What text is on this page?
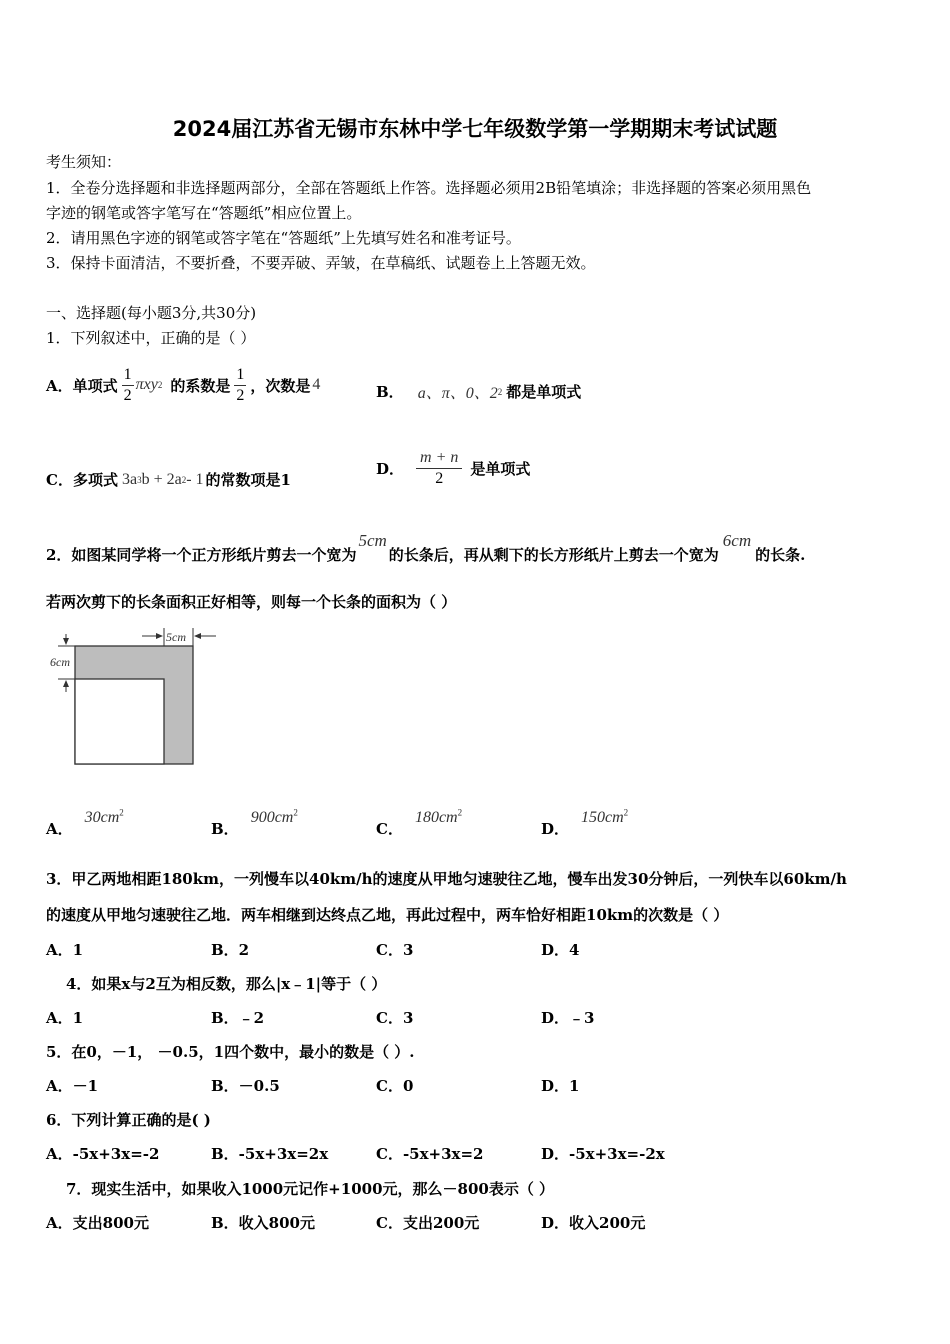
2024届江苏省无锡市东林中学七年级数学第一学期期末考试试题
考生须知：
1．全卷分选择题和非选择题两部分，全部在答题纸上作答。选择题必须用2B铅笔填涂；非选择题的答案必须用黑色
字迹的钢笔或答字笔写在“答题纸”相应位置上。
2．请用黑色字迹的钢笔或答字笔在“答题纸”上先填写姓名和准考证号。
3．保持卡面清洁，不要折叠，不要弄破、弄皱，在草稿纸、试题卷上上答题无效。
一、选择题(每小题3分,共30分)
1．下列叙述中，正确的是（ ）
A．单项式 $\frac{1}{2}$ πxy 2 的系数是 $\frac{1}{2}$ ，次数是 4	B． a、π、0、2 2 都是单项式
C．多项式 3a 3 b + 2a 2 - 1 的常数项是1
D． $\frac{m + n}{2}$ 是单项式
2．如图某同学将一个正方形纸片剪去一个宽为
5cm
的长条后，再从剩下的长方形纸片上剪去一个宽为
6cm
的长条.
若两次剪下的长条面积正好相等，则每一个长条的面积为（ ）
5cm
6cm
A．
$30cm^2$
B．
$900cm^2$
C．
$180cm^2$
D．
$150cm^2$
3．甲乙两地相距180km，一列慢车以40km/h的速度从甲地匀速驶往乙地，慢车出发30分钟后，一列快车以60km/h
的速度从甲地匀速驶往乙地．两车相继到达终点乙地，再此过程中，两车恰好相距10km的次数是（ ）
A．1	B．2	C．3	D．4
4．如果x与2互为相反数，那么|x﹣1|等于（ ）
A．1	B．﹣2	C．3	D．﹣3
5．在0，－1， －0.5，1四个数中，最小的数是（ ）.
A．－1	B．－0.5	C．0	D．1
6．下列计算正确的是( )
A．-5x+3x=-2	B．-5x+3x=2x	C．-5x+3x=2	D．-5x+3x=-2x
7．现实生活中，如果收入1000元记作+1000元，那么－800表示（ ）
A．支出800元	B．收入800元	C．支出200元	D．收入200元
